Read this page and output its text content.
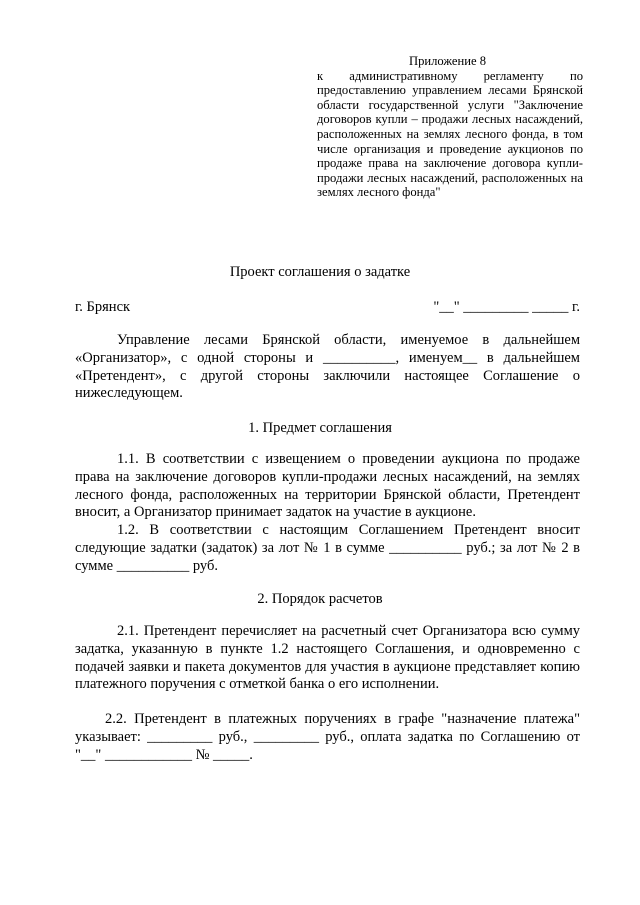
Приложение 8
к административному регламенту по предоставлению управлением лесами Брянской области государственной услуги "Заключение договоров купли – продажи лесных насаждений, расположенных на землях лесного фонда, в том числе организация и проведение аукционов по продаже права на заключение договора купли-продажи лесных насаждений, расположенных на землях лесного фонда"
Проект соглашения о задатке
г. Брянск	"__" _________ _____ г.
Управление лесами Брянской области, именуемое в дальнейшем «Организатор», с одной стороны и __________, именуем__ в дальнейшем «Претендент», с другой стороны заключили настоящее Соглашение о нижеследующем.
1. Предмет соглашения
1.1. В соответствии с извещением о проведении аукциона по продаже права на заключение договоров купли-продажи лесных насаждений, на землях лесного фонда, расположенных на территории Брянской области, Претендент вносит, а Организатор принимает задаток на участие в аукционе.
1.2. В соответствии с настоящим Соглашением Претендент вносит следующие задатки (задаток) за лот № 1 в сумме __________ руб.; за лот № 2 в сумме __________ руб.
2. Порядок расчетов
2.1. Претендент перечисляет на расчетный счет Организатора всю сумму задатка, указанную в пункте 1.2 настоящего Соглашения, и одновременно с подачей заявки и пакета документов для участия в аукционе представляет копию платежного поручения с отметкой банка о его исполнении.
2.2. Претендент в платежных поручениях в графе "назначение платежа" указывает: _________ руб., _________ руб., оплата задатка по Соглашению от "__" ____________ № _____.
